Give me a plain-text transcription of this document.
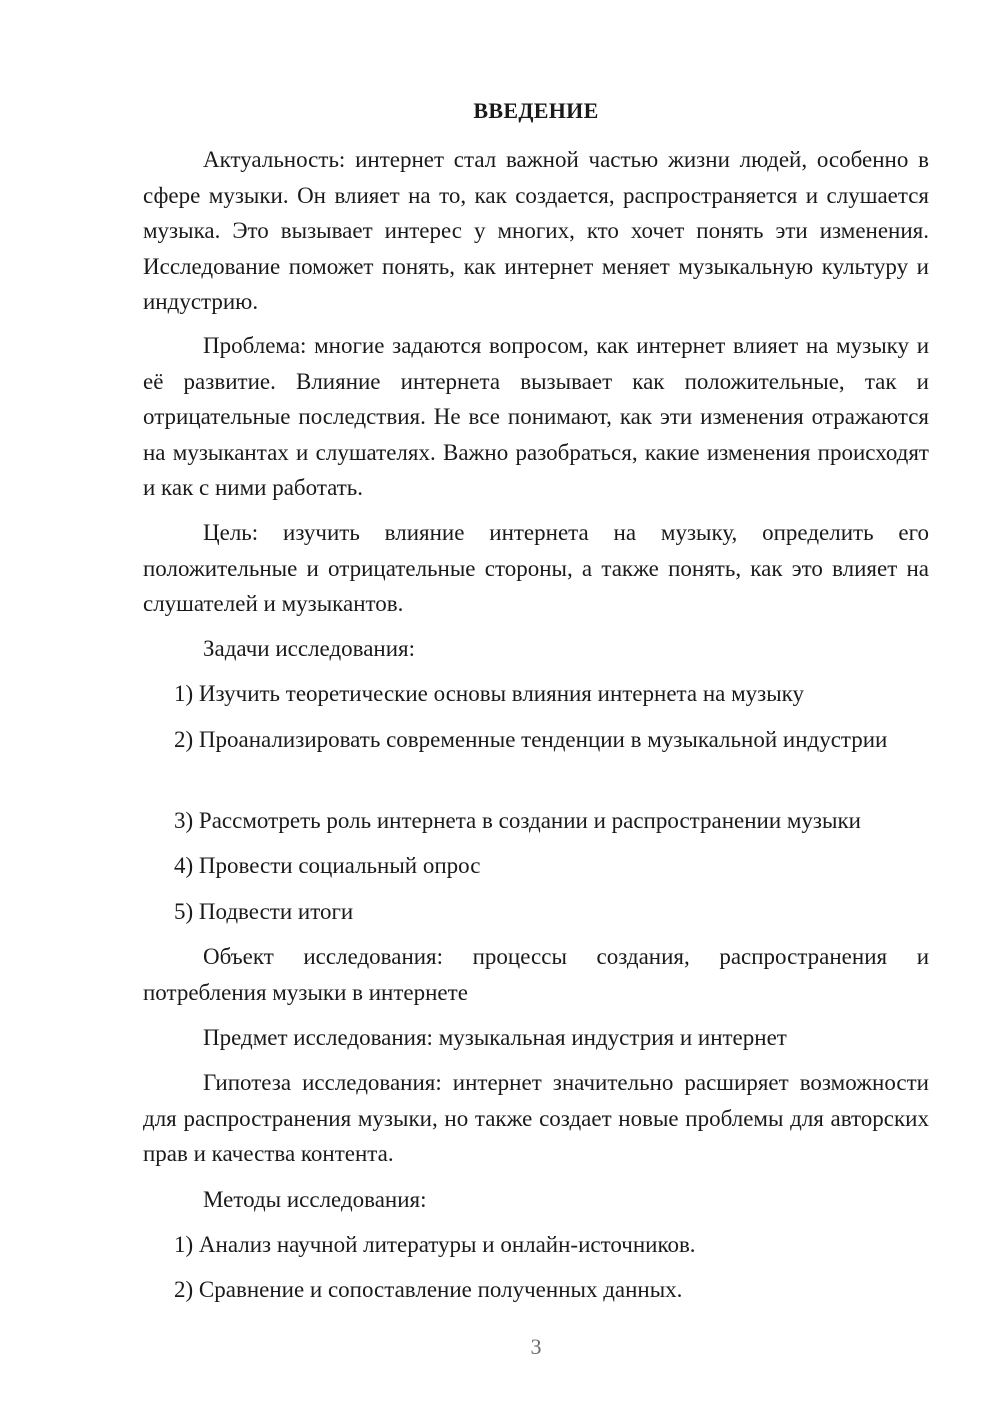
ВВЕДЕНИЕ

Актуальность: интернет стал важной частью жизни людей, особенно в сфере музыки. Он влияет на то, как создается, распространяется и слушается музыка. Это вызывает интерес у многих, кто хочет понять эти изменения. Исследование поможет понять, как интернет меняет музыкальную культуру и индустрию.

Проблема: многие задаются вопросом, как интернет влияет на музыку и её развитие. Влияние интернета вызывает как положительные, так и отрицательные последствия. Не все понимают, как эти изменения отражаются на музыкантах и слушателях. Важно разобраться, какие изменения происходят и как с ними работать.

Цель: изучить влияние интернета на музыку, определить его положительные и отрицательные стороны, а также понять, как это влияет на слушателей и музыкантов.

Задачи исследования:

1) Изучить теоретические основы влияния интернета на музыку

2) Проанализировать современные тенденции в музыкальной индустрии

3) Рассмотреть роль интернета в создании и распространении музыки

4) Провести социальный опрос

5) Подвести итоги

Объект исследования: процессы создания, распространения и потребления музыки в интернете

Предмет исследования: музыкальная индустрия и интернет

Гипотеза исследования: интернет значительно расширяет возможности для распространения музыки, но также создает новые проблемы для авторских прав и качества контента.

Методы исследования:

1) Анализ научной литературы и онлайн-источников.

2) Сравнение и сопоставление полученных данных.

3
